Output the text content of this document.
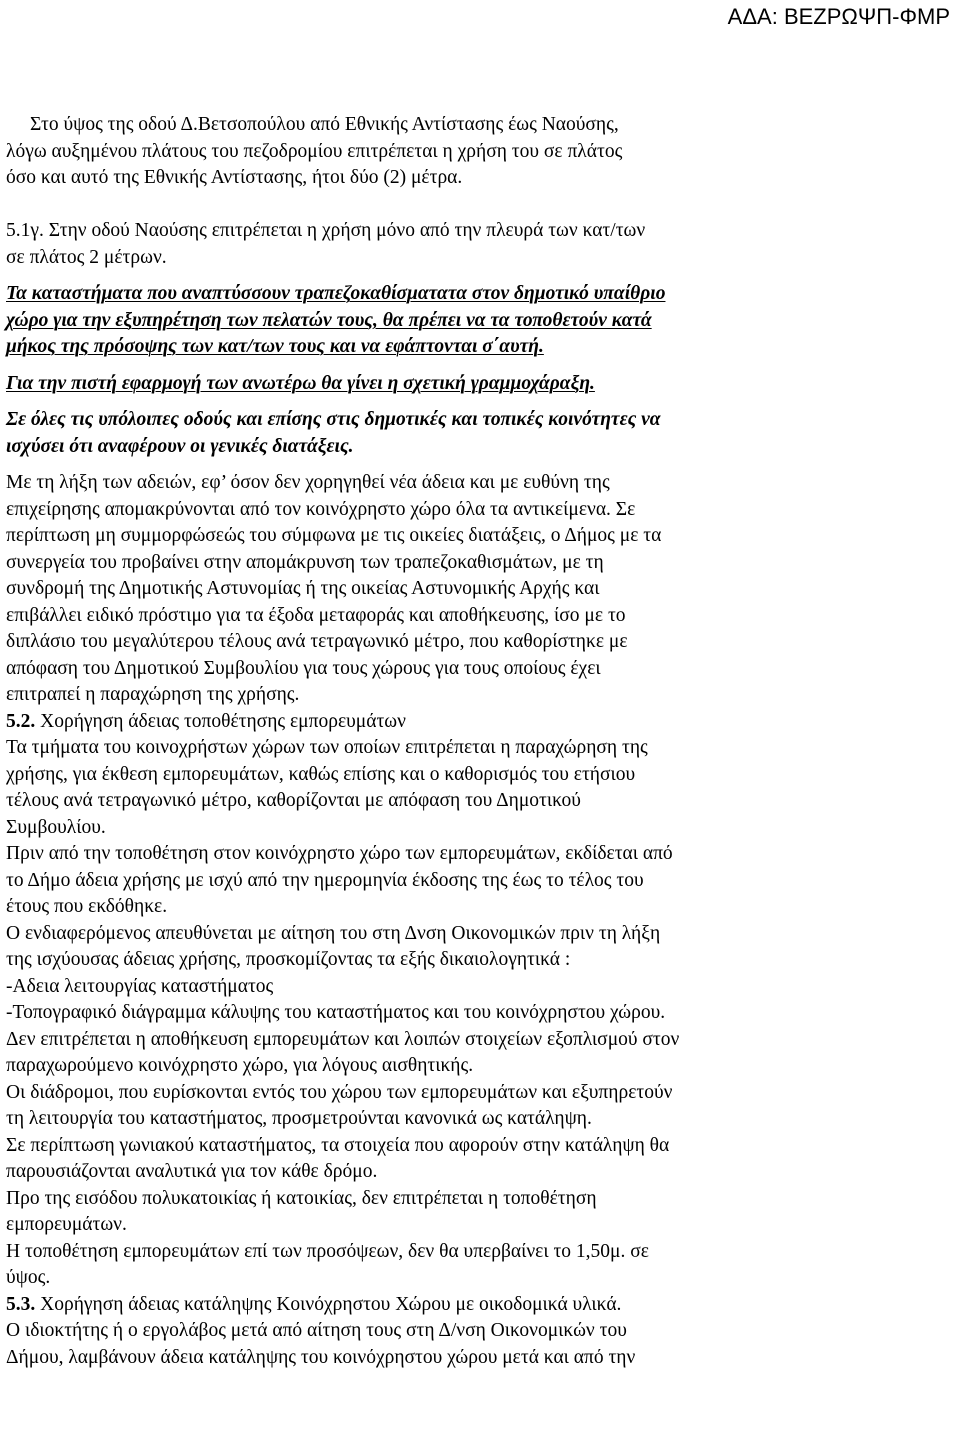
ΑΔΑ: ΒΕΖΡΩΨΠ-ΦΜΡ
Στο ύψος της οδού Δ.Βετσοπούλου από Εθνικής Αντίστασης έως Ναούσης,
λόγω αυξημένου πλάτους του πεζοδρομίου επιτρέπεται η χρήση του σε πλάτος
όσο και αυτό της Εθνικής Αντίστασης, ήτοι δύο (2) μέτρα.
5.1γ. Στην οδού Ναούσης επιτρέπεται η χρήση μόνο από την πλευρά των κατ/των
σε πλάτος 2 μέτρων.
Τα καταστήματα που αναπτύσσουν τραπεζοκαθίσματατα στον δημοτικό υπαίθριο
χώρο για την εξυπηρέτηση των πελατών τους, θα πρέπει να τα τοποθετούν κατά
μήκος της πρόσοψης των κατ/των τους και να εφάπτονται σ΄αυτή.
Για την πιστή εφαρμογή των ανωτέρω θα γίνει η σχετική γραμμοχάραξη.
Σε όλες τις υπόλοιπες οδούς και επίσης στις δημοτικές και τοπικές κοινότητες να
ισχύσει ότι αναφέρουν οι γενικές διατάξεις.
Με τη λήξη των αδειών, εφ’ όσον δεν χορηγηθεί νέα άδεια και με ευθύνη της
επιχείρησης απομακρύνονται από τον κοινόχρηστο χώρο όλα τα αντικείμενα. Σε
περίπτωση μη συμμορφώσεώς του σύμφωνα με τις οικείες διατάξεις, ο Δήμος με τα
συνεργεία του προβαίνει στην απομάκρυνση των τραπεζοκαθισμάτων, με τη
συνδρομή της Δημοτικής Αστυνομίας ή της οικείας Αστυνομικής Αρχής και
επιβάλλει ειδικό πρόστιμο για τα έξοδα μεταφοράς και αποθήκευσης, ίσο με το
διπλάσιο του μεγαλύτερου τέλους ανά τετραγωνικό μέτρο, που καθορίστηκε με
απόφαση του Δημοτικού Συμβουλίου για τους χώρους για τους οποίους έχει
επιτραπεί η παραχώρηση της χρήσης.
5.2. Χορήγηση άδειας τοποθέτησης εμπορευμάτων
Τα τμήματα του κοινοχρήστων χώρων των οποίων επιτρέπεται η παραχώρηση της
χρήσης, για έκθεση εμπορευμάτων, καθώς επίσης και ο καθορισμός του ετήσιου
τέλους ανά τετραγωνικό μέτρο, καθορίζονται με απόφαση του Δημοτικού
Συμβουλίου.
Πριν από την τοποθέτηση στον κοινόχρηστο χώρο των εμπορευμάτων, εκδίδεται από
το Δήμο άδεια χρήσης με ισχύ από την ημερομηνία έκδοσης της έως το τέλος του
έτους που εκδόθηκε.
Ο ενδιαφερόμενος απευθύνεται με αίτηση του στη Δνση Οικονομικών πριν τη λήξη
της ισχύουσας άδειας χρήσης, προσκομίζοντας τα εξής δικαιολογητικά :
-Αδεια λειτουργίας καταστήματος
-Τοπογραφικό διάγραμμα κάλυψης του καταστήματος και του κοινόχρηστου χώρου.
Δεν επιτρέπεται η αποθήκευση εμπορευμάτων και λοιπών στοιχείων εξοπλισμού στον
παραχωρούμενο κοινόχρηστο χώρο, για λόγους αισθητικής.
Οι διάδρομοι, που ευρίσκονται εντός του χώρου των εμπορευμάτων και εξυπηρετούν
τη λειτουργία του καταστήματος, προσμετρούνται κανονικά ως κατάληψη.
Σε περίπτωση γωνιακού καταστήματος, τα στοιχεία που αφορούν στην κατάληψη θα
παρουσιάζονται αναλυτικά για τον κάθε δρόμο.
Προ της εισόδου πολυκατοικίας ή κατοικίας, δεν επιτρέπεται η τοποθέτηση
εμπορευμάτων.
Η τοποθέτηση εμπορευμάτων επί των προσόψεων, δεν θα υπερβαίνει το 1,50μ. σε
ύψος.
5.3. Χορήγηση άδειας κατάληψης Κοινόχρηστου Χώρου με οικοδομικά υλικά.
Ο ιδιοκτήτης ή ο εργολάβος μετά από αίτηση τους στη Δ/νση Οικονομικών του
Δήμου, λαμβάνουν άδεια κατάληψης του κοινόχρηστου χώρου μετά και από την
